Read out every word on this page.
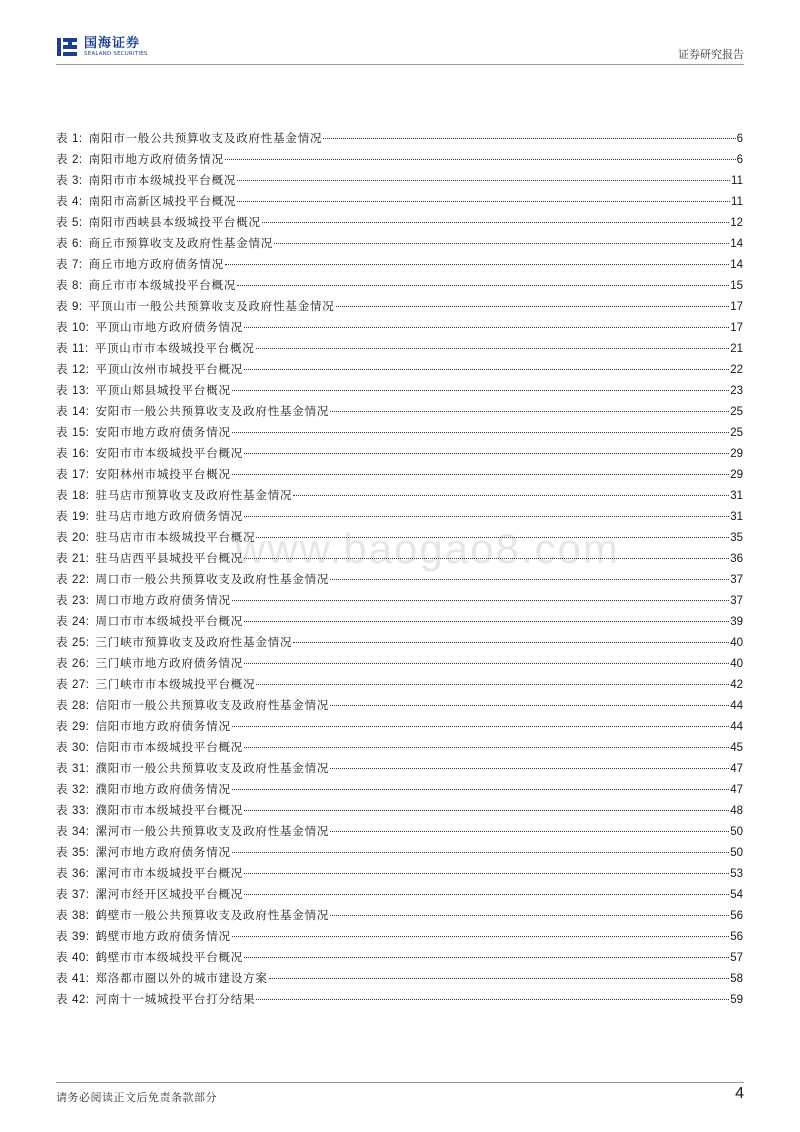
国海证券
SEALAND SECURITIES	证券研究报告
www.baogao8.com
表 1: 南阳市一般公共预算收支及政府性基金情况	6
表 2: 南阳市地方政府债务情况	6
表 3: 南阳市市本级城投平台概况	11
表 4: 南阳市高新区城投平台概况	11
表 5: 南阳市西峡县本级城投平台概况	12
表 6: 商丘市预算收支及政府性基金情况	14
表 7: 商丘市地方政府债务情况	14
表 8: 商丘市市本级城投平台概况	15
表 9: 平顶山市一般公共预算收支及政府性基金情况	17
表 10: 平顶山市地方政府债务情况	17
表 11: 平顶山市市本级城投平台概况	21
表 12: 平顶山汝州市城投平台概况	22
表 13: 平顶山郏县城投平台概况	23
表 14: 安阳市一般公共预算收支及政府性基金情况	25
表 15: 安阳市地方政府债务情况	25
表 16: 安阳市市本级城投平台概况	29
表 17: 安阳林州市城投平台概况	29
表 18: 驻马店市预算收支及政府性基金情况	31
表 19: 驻马店市地方政府债务情况	31
表 20: 驻马店市市本级城投平台概况	35
表 21: 驻马店西平县城投平台概况	36
表 22: 周口市一般公共预算收支及政府性基金情况	37
表 23: 周口市地方政府债务情况	37
表 24: 周口市市本级城投平台概况	39
表 25: 三门峡市预算收支及政府性基金情况	40
表 26: 三门峡市地方政府债务情况	40
表 27: 三门峡市市本级城投平台概况	42
表 28: 信阳市一般公共预算收支及政府性基金情况	44
表 29: 信阳市地方政府债务情况	44
表 30: 信阳市市本级城投平台概况	45
表 31: 濮阳市一般公共预算收支及政府性基金情况	47
表 32: 濮阳市地方政府债务情况	47
表 33: 濮阳市市本级城投平台概况	48
表 34: 漯河市一般公共预算收支及政府性基金情况	50
表 35: 漯河市地方政府债务情况	50
表 36: 漯河市市本级城投平台概况	53
表 37: 漯河市经开区城投平台概况	54
表 38: 鹤壁市一般公共预算收支及政府性基金情况	56
表 39: 鹤壁市地方政府债务情况	56
表 40: 鹤壁市市本级城投平台概况	57
表 41: 郑洛都市圈以外的城市建设方案	58
表 42: 河南十一城城投平台打分结果	59
请务必阅读正文后免责条款部分	4
